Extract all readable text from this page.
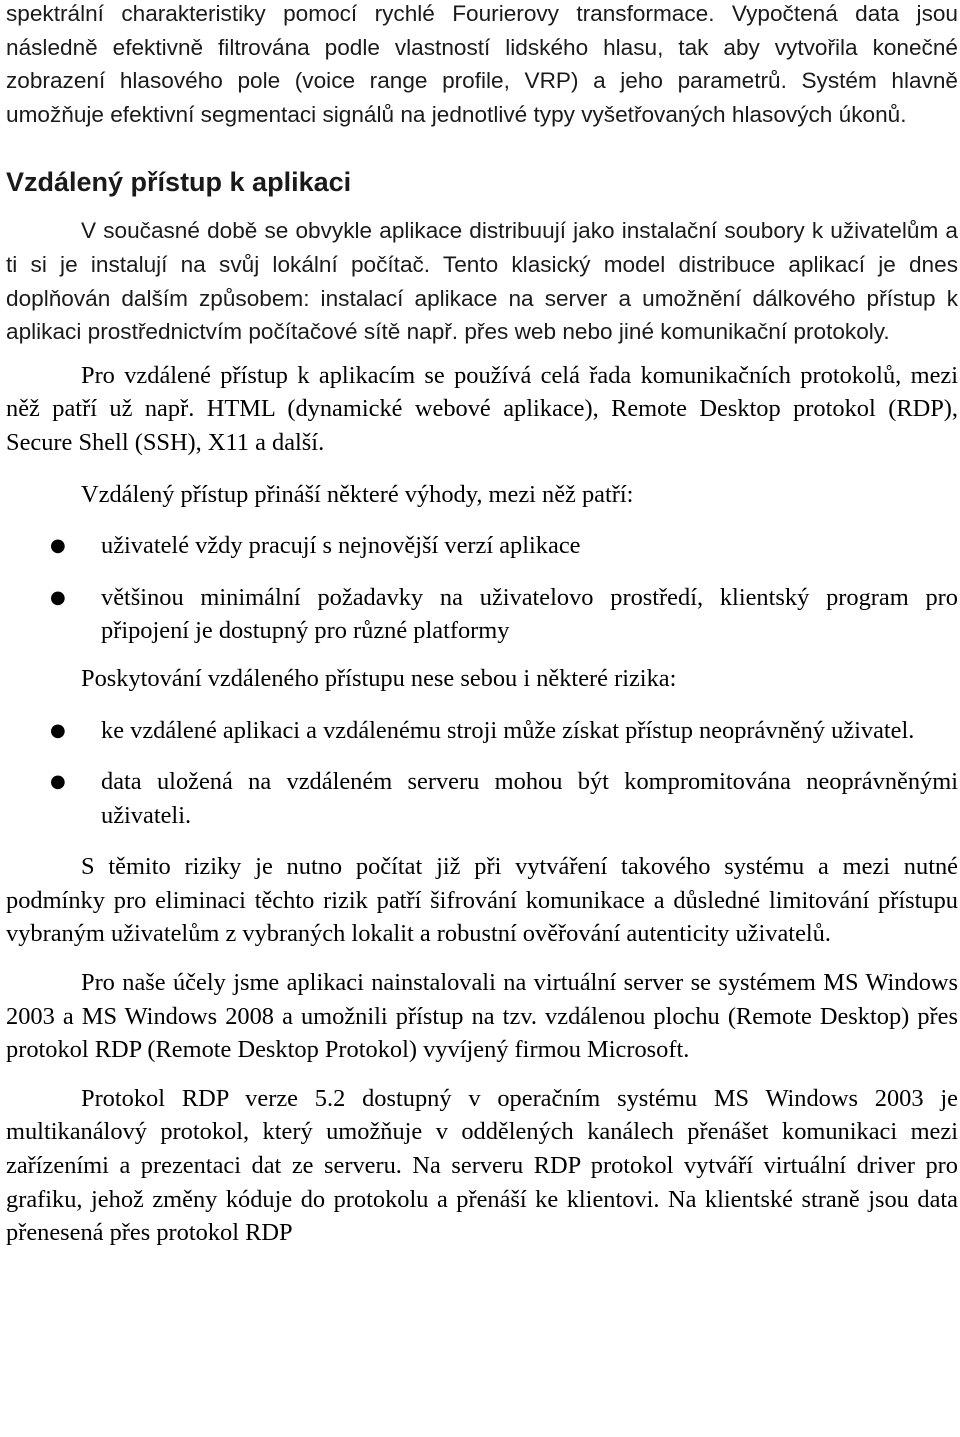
spektrální charakteristiky pomocí rychlé Fourierovy transformace. Vypočtená data jsou následně efektivně filtrována podle vlastností lidského hlasu, tak aby vytvořila konečné zobrazení hlasového pole (voice range profile, VRP) a jeho parametrů. Systém hlavně umožňuje efektivní segmentaci signálů na jednotlivé typy vyšetřovaných hlasových úkonů.

Vzdálený přístup k aplikaci

V současné době se obvykle aplikace distribuují jako instalační soubory k uživatelům a ti si je instalují na svůj lokální počítač. Tento klasický model distribuce aplikací je dnes doplňován dalším způsobem: instalací aplikace na server a umožnění dálkového přístup k aplikaci prostřednictvím počítačové sítě např. přes web nebo jiné komunikační protokoly.

Pro vzdálené přístup k aplikacím se používá celá řada komunikačních protokolů, mezi něž patří už např. HTML (dynamické webové aplikace), Remote Desktop protokol (RDP), Secure Shell (SSH), X11 a další.

Vzdálený přístup přináší některé výhody, mezi něž patří:

● uživatelé vždy pracují s nejnovější verzí aplikace
● většinou minimální požadavky na uživatelovo prostředí, klientský program pro připojení je dostupný pro různé platformy

Poskytování vzdáleného přístupu nese sebou i některé rizika:

● ke vzdálené aplikaci a vzdálenému stroji může získat přístup neoprávněný uživatel.
● data uložená na vzdáleném serveru mohou být kompromitována neoprávněnými uživateli.

S těmito riziky je nutno počítat již při vytváření takového systému a mezi nutné podmínky pro eliminaci těchto rizik patří šifrování komunikace a důsledné limitování přístupu vybraným uživatelům z vybraných lokalit a robustní ověřování autenticity uživatelů.

Pro naše účely jsme aplikaci nainstalovali na virtuální server se systémem MS Windows 2003 a MS Windows 2008 a umožnili přístup na tzv. vzdálenou plochu (Remote Desktop) přes protokol RDP (Remote Desktop Protokol) vyvíjený firmou Microsoft.

Protokol RDP verze 5.2 dostupný v operačním systému MS Windows 2003 je multikanálový protokol, který umožňuje v oddělených kanálech přenášet komunikaci mezi zařízeními a prezentaci dat ze serveru. Na serveru RDP protokol vytváří virtuální driver pro grafiku, jehož změny kóduje do protokolu a přenáší ke klientovi. Na klientské straně jsou data přenesená přes protokol RDP
